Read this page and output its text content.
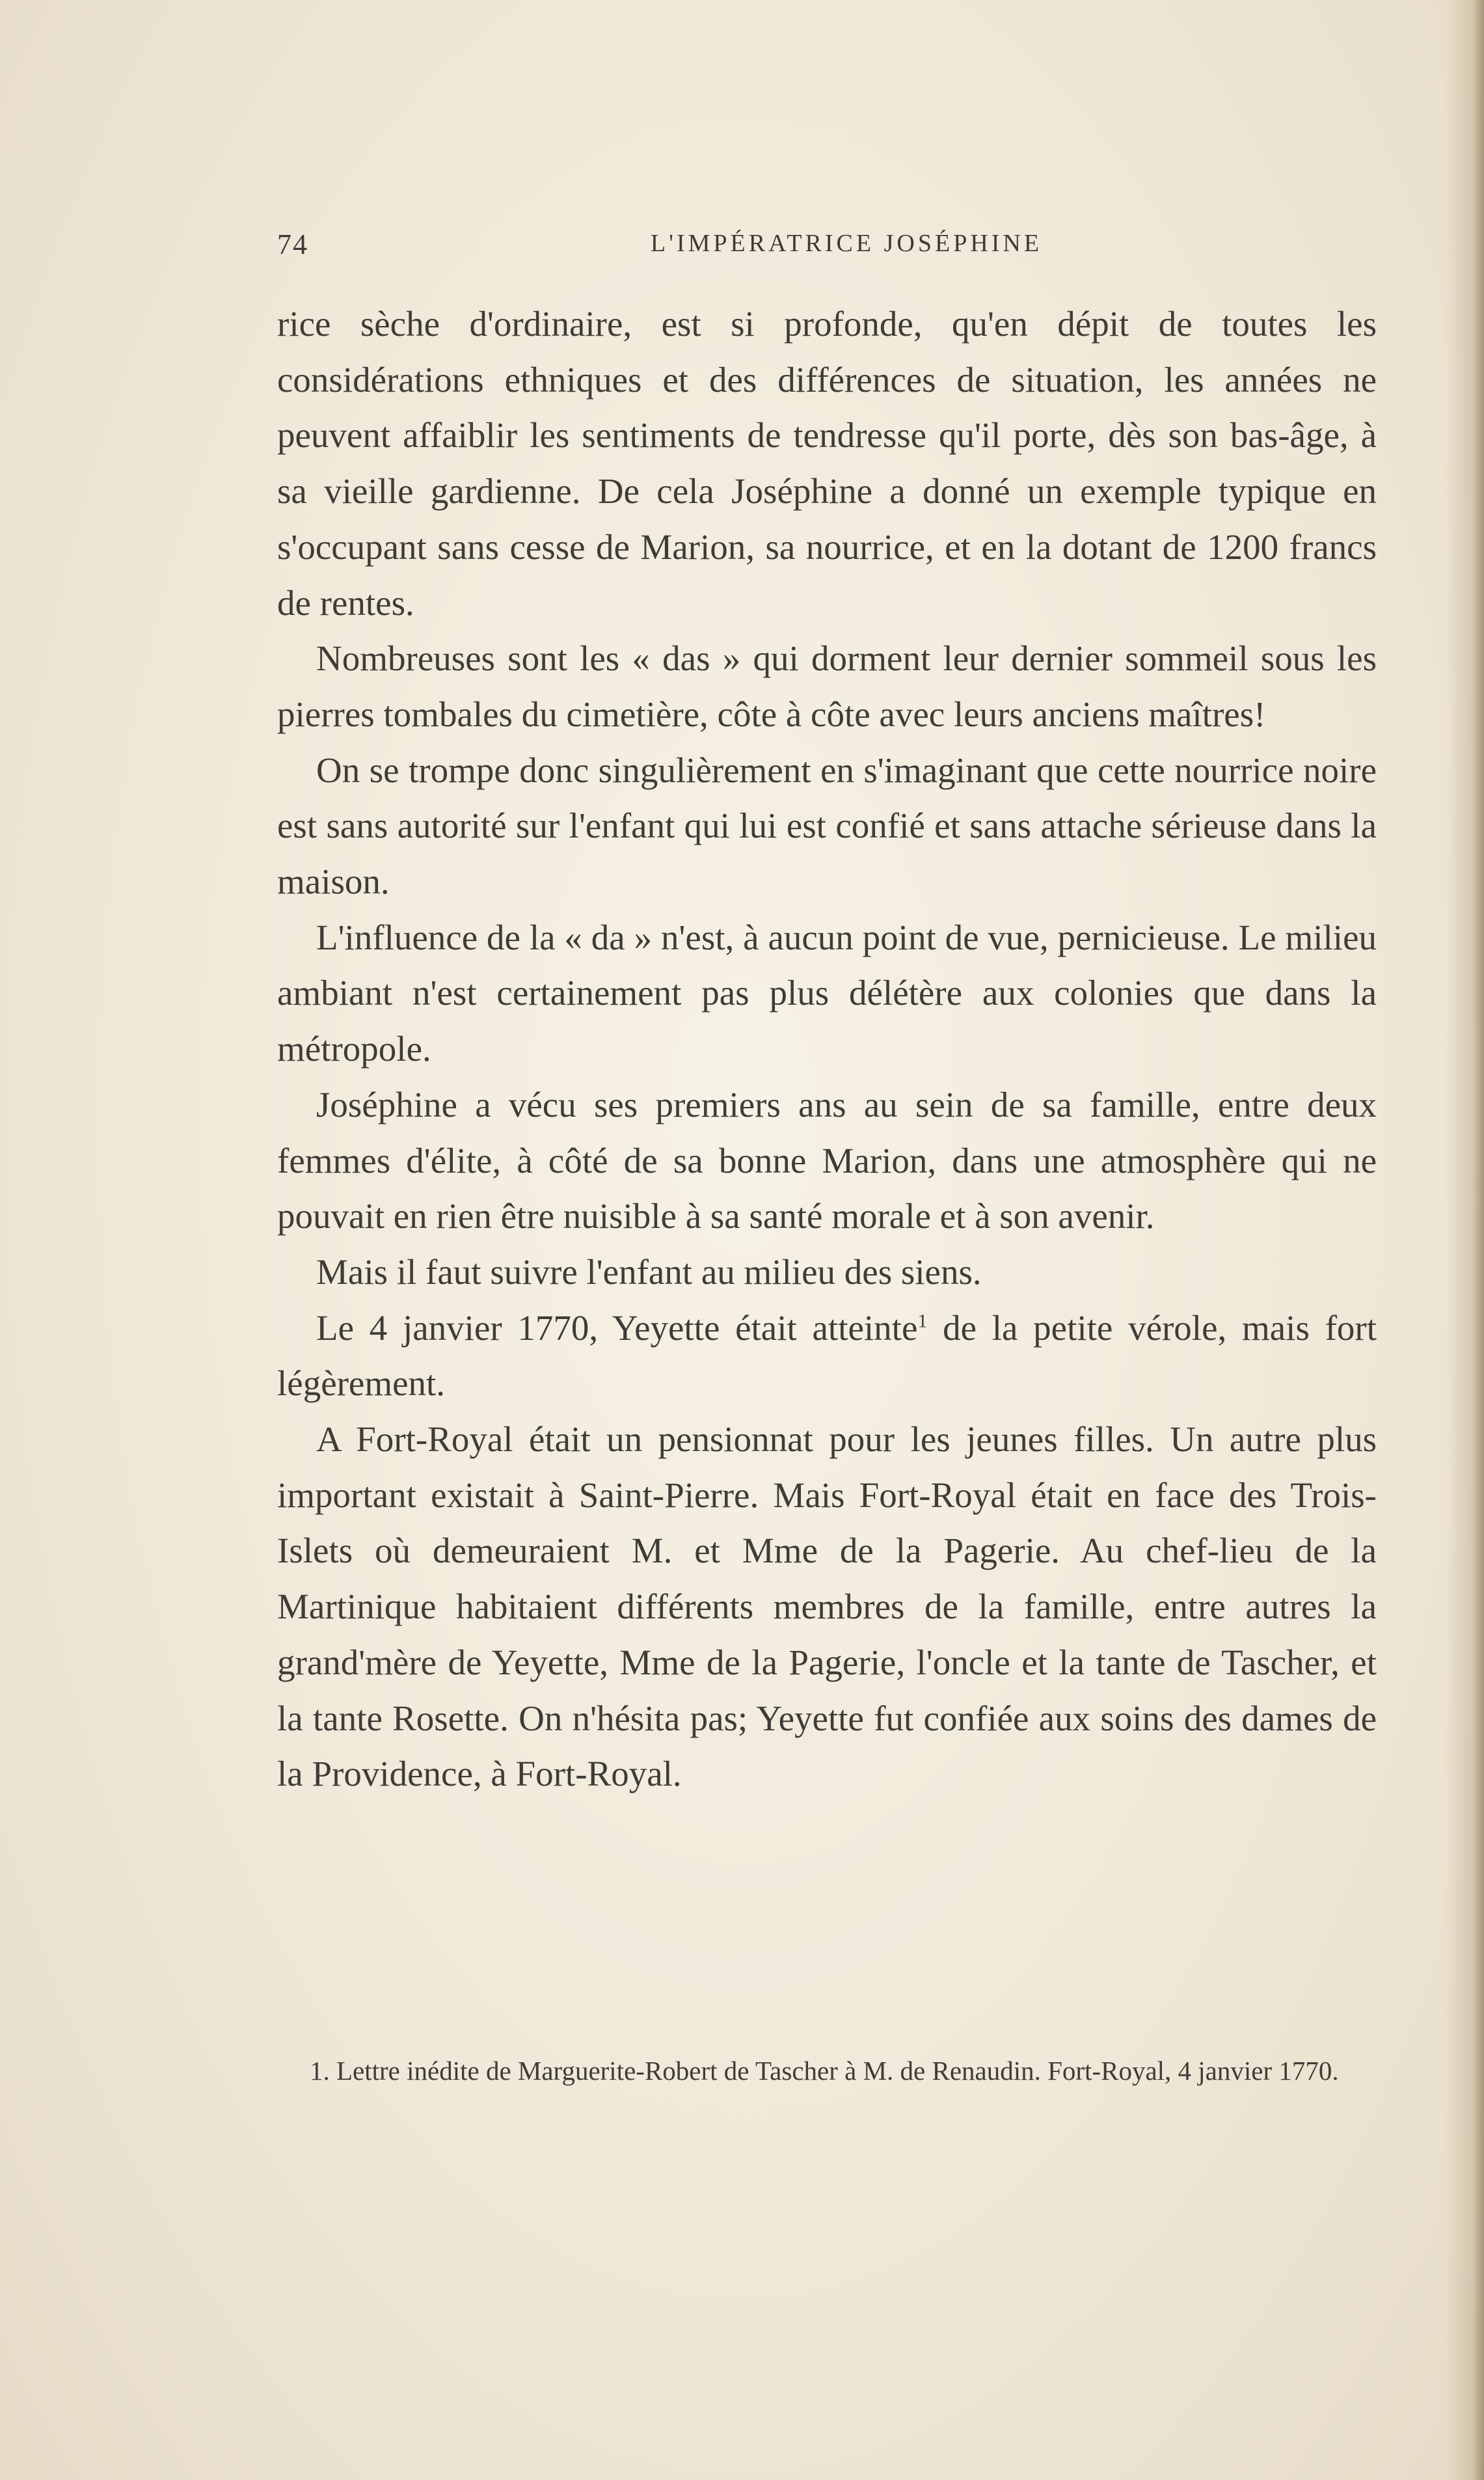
74	L'IMPÉRATRICE JOSÉPHINE

rice sèche d'ordinaire, est si profonde, qu'en dépit de toutes les considérations ethniques et des différences de situation, les années ne peuvent affaiblir les sentiments de tendresse qu'il porte, dès son bas-âge, à sa vieille gardienne. De cela Joséphine a donné un exemple typique en s'occupant sans cesse de Marion, sa nourrice, et en la dotant de 1200 francs de rentes.

Nombreuses sont les « das » qui dorment leur dernier sommeil sous les pierres tombales du cimetière, côte à côte avec leurs anciens maîtres!

On se trompe donc singulièrement en s'imaginant que cette nourrice noire est sans autorité sur l'enfant qui lui est confié et sans attache sérieuse dans la maison.

L'influence de la « da » n'est, à aucun point de vue, pernicieuse. Le milieu ambiant n'est certainement pas plus délétère aux colonies que dans la métropole.

Joséphine a vécu ses premiers ans au sein de sa famille, entre deux femmes d'élite, à côté de sa bonne Marion, dans une atmosphère qui ne pouvait en rien être nuisible à sa santé morale et à son avenir.

Mais il faut suivre l'enfant au milieu des siens.

Le 4 janvier 1770, Yeyette était atteinte$^1$ de la petite vérole, mais fort légèrement.

A Fort-Royal était un pensionnat pour les jeunes filles. Un autre plus important existait à Saint-Pierre. Mais Fort-Royal était en face des Trois-Islets où demeuraient M. et Mme de la Pagerie. Au chef-lieu de la Martinique habitaient différents membres de la famille, entre autres la grand'mère de Yeyette, Mme de la Pagerie, l'oncle et la tante de Tascher, et la tante Rosette. On n'hésita pas; Yeyette fut confiée aux soins des dames de la Providence, à Fort-Royal.

1. Lettre inédite de Marguerite-Robert de Tascher à M. de Renaudin. Fort-Royal, 4 janvier 1770.
